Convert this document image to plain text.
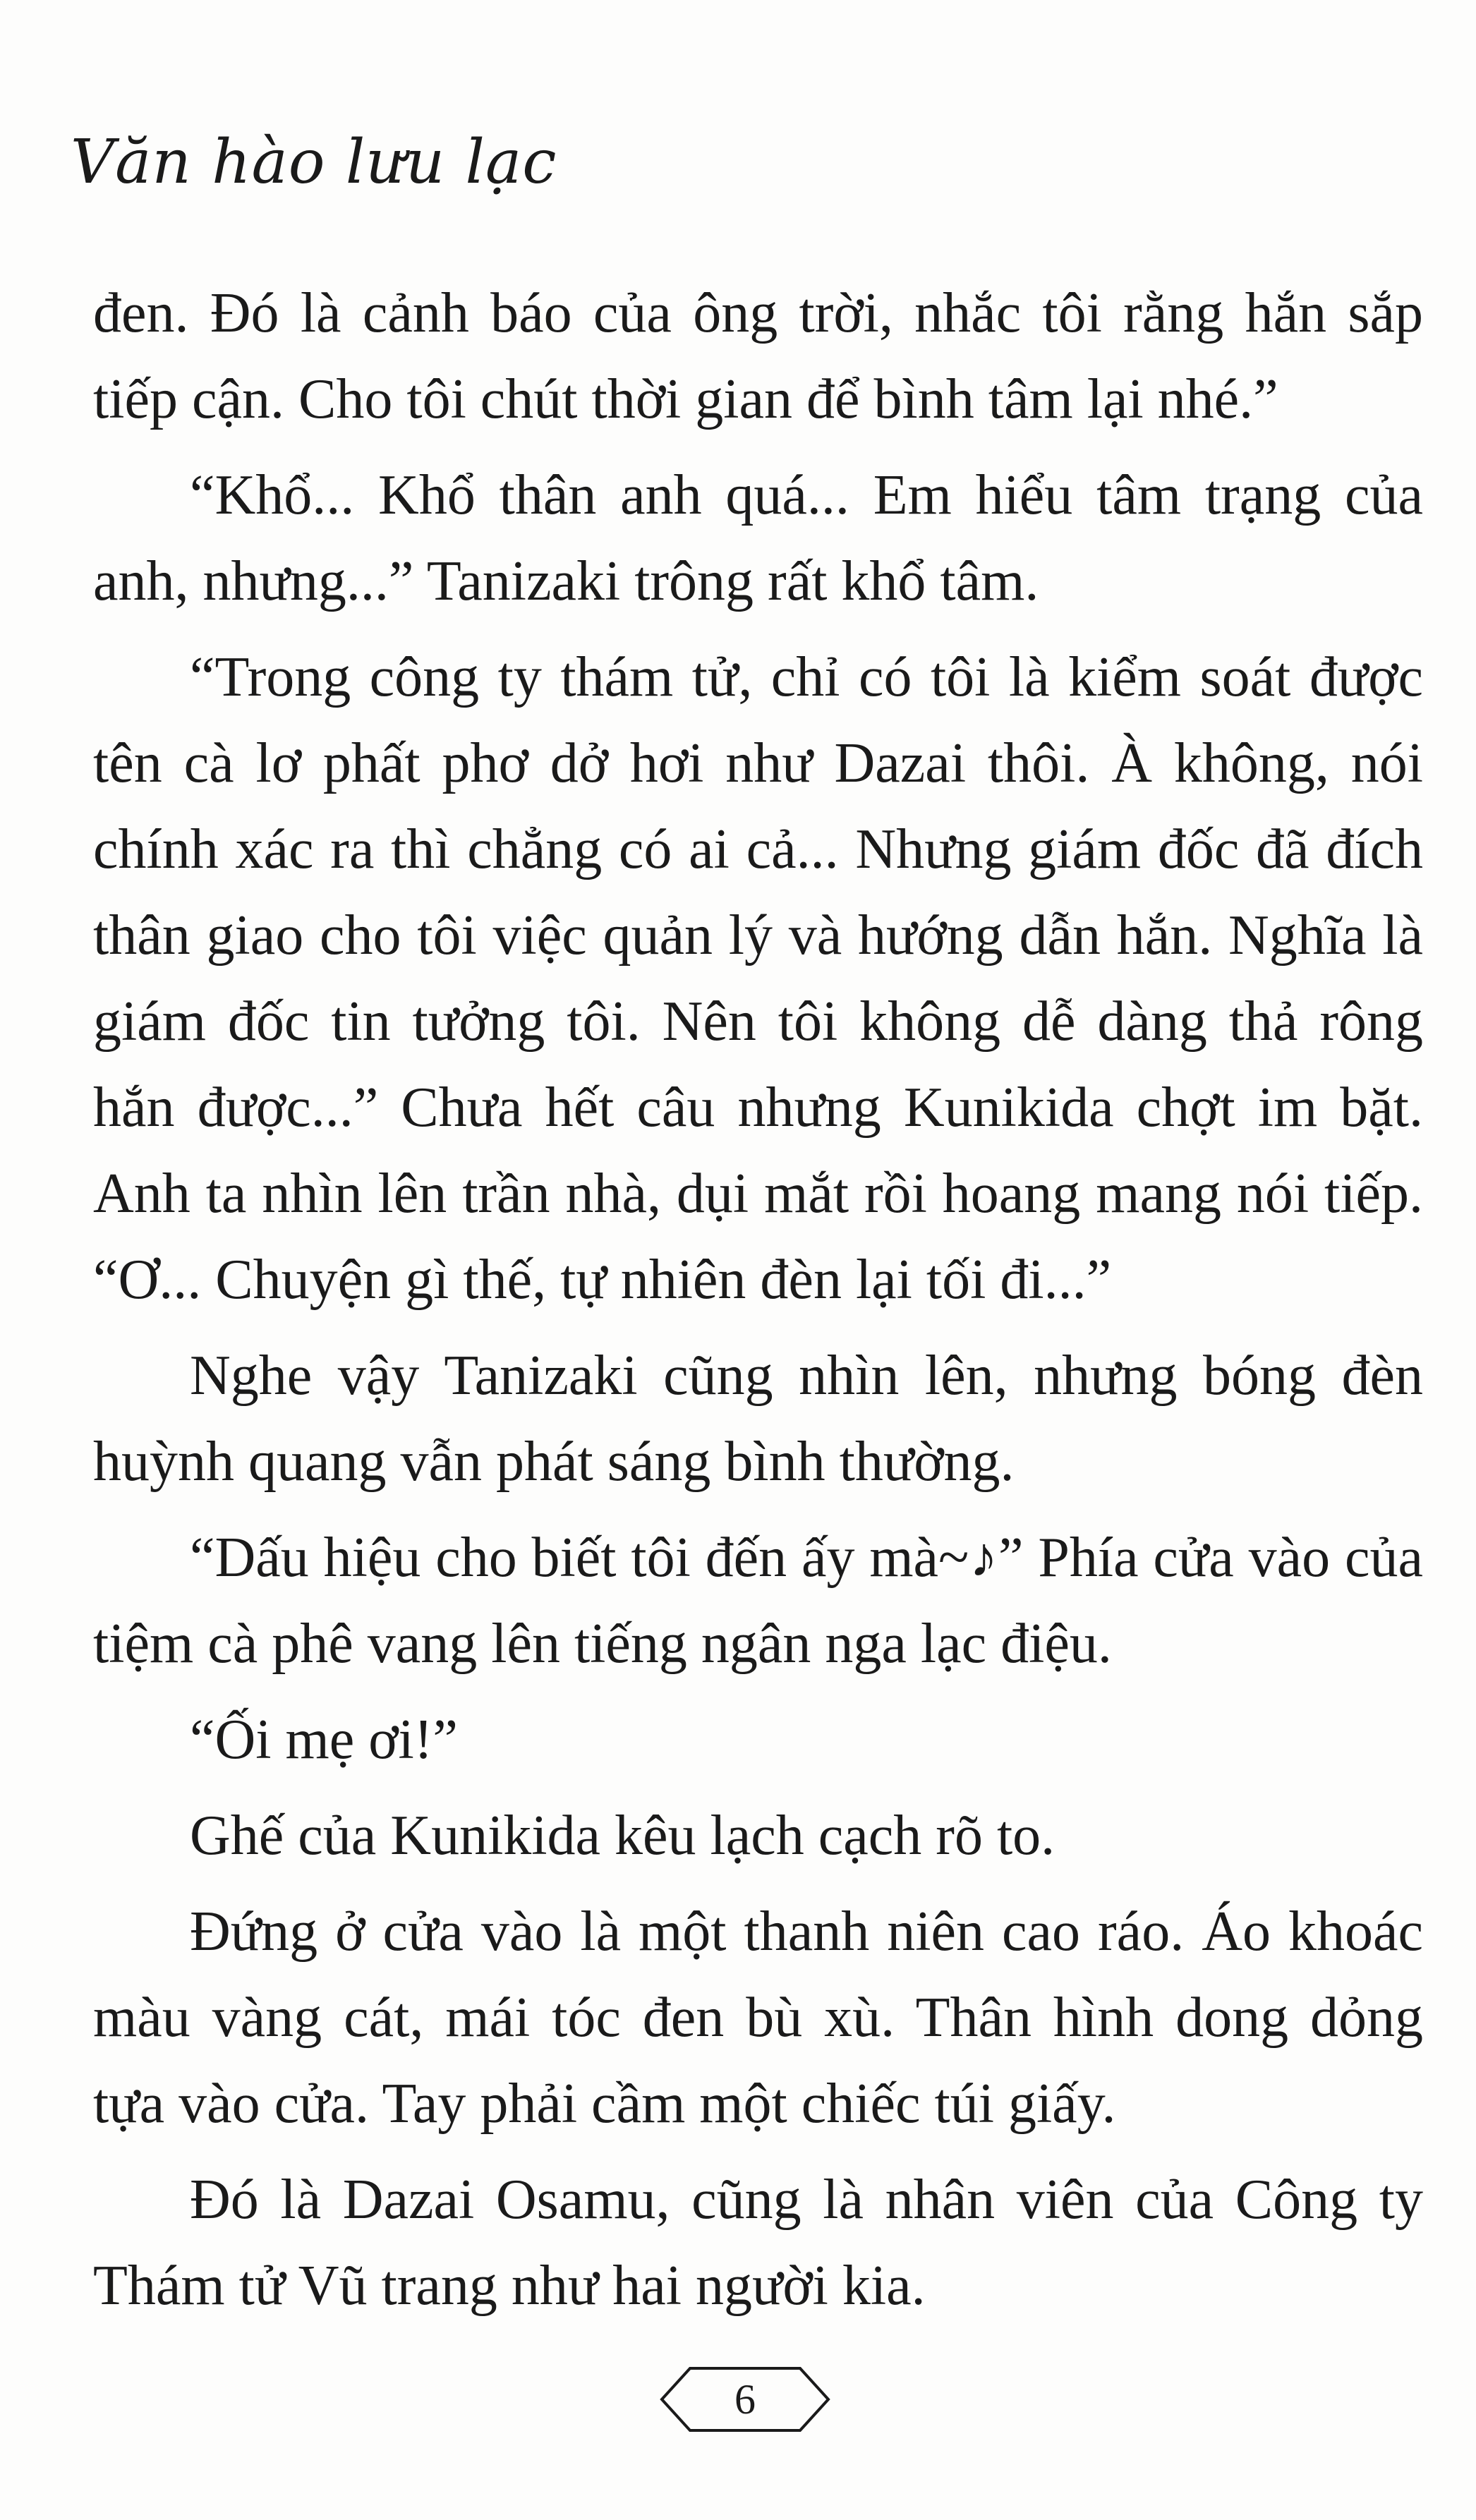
Văn hào lưu lạc

đen. Đó là cảnh báo của ông trời, nhắc tôi rằng hắn sắp tiếp cận. Cho tôi chút thời gian để bình tâm lại nhé.”

“Khổ... Khổ thân anh quá... Em hiểu tâm trạng của anh, nhưng...” Tanizaki trông rất khổ tâm.

“Trong công ty thám tử, chỉ có tôi là kiểm soát được tên cà lơ phất phơ dở hơi như Dazai thôi. À không, nói chính xác ra thì chẳng có ai cả... Nhưng giám đốc đã đích thân giao cho tôi việc quản lý và hướng dẫn hắn. Nghĩa là giám đốc tin tưởng tôi. Nên tôi không dễ dàng thả rông hắn được...” Chưa hết câu nhưng Kunikida chợt im bặt. Anh ta nhìn lên trần nhà, dụi mắt rồi hoang mang nói tiếp. “Ơ... Chuyện gì thế, tự nhiên đèn lại tối đi...”

Nghe vậy Tanizaki cũng nhìn lên, nhưng bóng đèn huỳnh quang vẫn phát sáng bình thường.

“Dấu hiệu cho biết tôi đến ấy mà~♪” Phía cửa vào của tiệm cà phê vang lên tiếng ngân nga lạc điệu.

“Ối mẹ ơi!”

Ghế của Kunikida kêu lạch cạch rõ to.

Đứng ở cửa vào là một thanh niên cao ráo. Áo khoác màu vàng cát, mái tóc đen bù xù. Thân hình dong dỏng tựa vào cửa. Tay phải cầm một chiếc túi giấy.

Đó là Dazai Osamu, cũng là nhân viên của Công ty Thám tử Vũ trang như hai người kia.

6
